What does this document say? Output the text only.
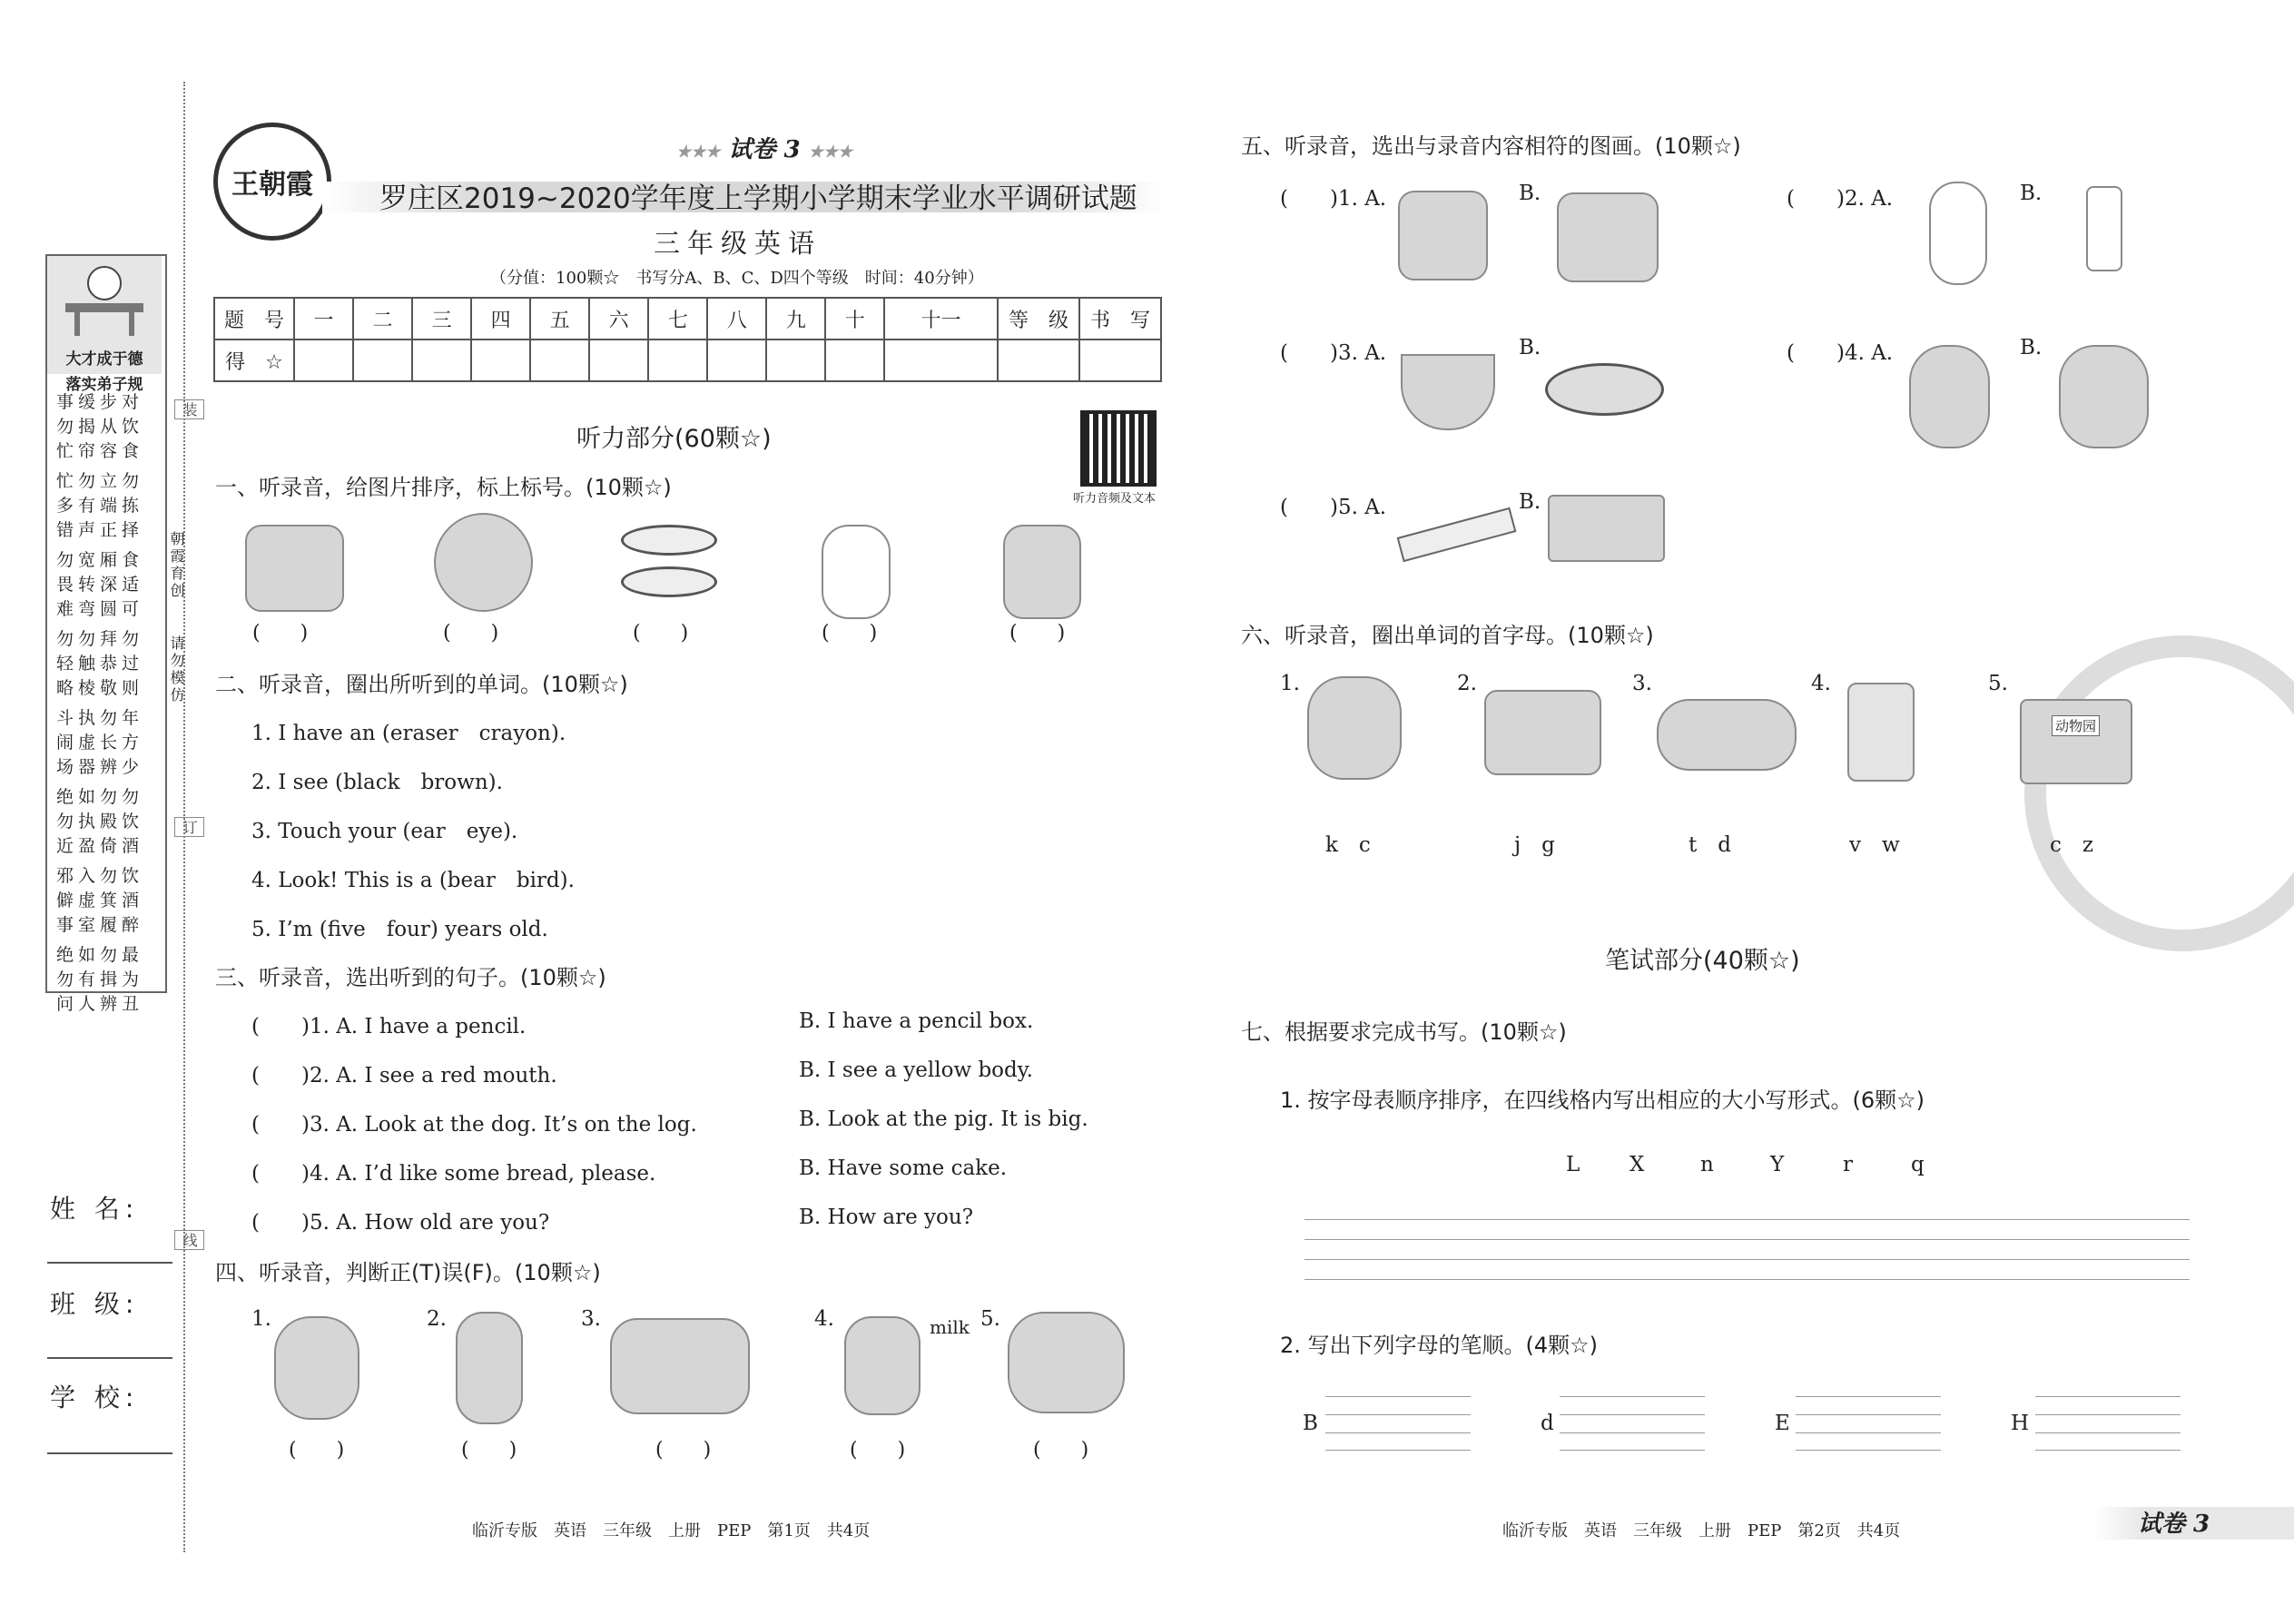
大才成于德
落实弟子规
事缓步对
勿揭从饮
忙帘容食
忙勿立勿
多有端拣
错声正择
勿宽厢食
畏转深适
难弯圆可
勿勿拜勿
轻触恭过
略棱敬则
斗执勿年
闹虚长方
场器辨少
绝如勿勿
勿执殿饮
近盈倚酒
邪入勿饮
僻虚箕酒
事室履醉
绝如勿最
勿有揖为
问人辨丑
装
订
线
朝霞育创
请勿模仿
姓 名:
班 级:
学 校:
王朝霞
★★★ 试卷 3 ★★★
罗庄区2019~2020学年度上学期小学期末学业水平调研试题
三年级英语
（分值：100颗☆　书写分A、B、C、D四个等级　时间：40分钟）
题　号	一	二	三	四	五	六	七	八	九	十	十一	等　级	书　写
得　☆													
听力音频及文本
听力部分(60颗☆)
一、听录音，给图片排序，标上标号。(10颗☆)
(　　)	(　　)	(　　)	(　　)	(　　)
二、听录音，圈出所听到的单词。(10颗☆)
1. I have an (eraser　crayon).
2. I see (black　brown).
3. Touch your (ear　eye).
4. Look! This is a (bear　bird).
5. I’m (five　four) years old.
三、听录音，选出听到的句子。(10颗☆)
(　　)1. A. I have a pencil.	B. I have a pencil box.
(　　)2. A. I see a red mouth.	B. I see a yellow body.
(　　)3. A. Look at the dog. It’s on the log.	B. Look at the pig. It is big.
(　　)4. A. I’d like some bread, please.	B. Have some cake.
(　　)5. A. How old are you?	B. How are you?
四、听录音，判断正(T)误(F)。(10颗☆)
1.	2.	3.	4.	milk 5.
(　　)	(　　)	(　　)	(　　)	(　　)
临沂专版　英语　三年级　上册　PEP　第1页　共4页
五、听录音，选出与录音内容相符的图画。(10颗☆)
(　　)1. A.	B.	(　　)2. A.	B.
(　　)3. A.	B.	(　　)4. A.	B.
(　　)5. A.	B.
六、听录音，圈出单词的首字母。(10颗☆)
1.
k　c
2.
j　g
3.
t　d
4.
v　w
5.
动物园
c　z
笔试部分(40颗☆)
七、根据要求完成书写。(10颗☆)
1. 按字母表顺序排序，在四线格内写出相应的大小写形式。(6颗☆)
L X	n	Y	r	q
2. 写出下列字母的笔顺。(4颗☆)
B	d	E	H
临沂专版　英语　三年级　上册　PEP　第2页　共4页	试卷 3
